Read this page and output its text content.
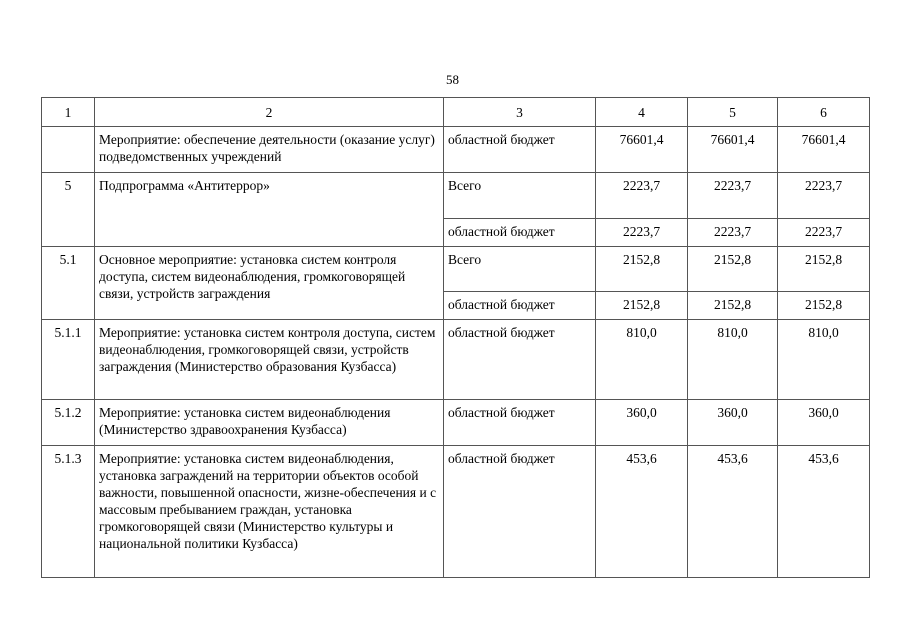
58
1	2	3	4	5	6
	Мероприятие: обеспечение деятельности (оказание услуг) подведомственных учреждений	областной бюджет	76601,4	76601,4	76601,4
5	Подпрограмма «Антитеррор»	Всего	2223,7	2223,7	2223,7
		областной бюджет	2223,7	2223,7	2223,7
5.1	Основное мероприятие: установка систем контроля доступа, систем видеонаблюдения, громкоговорящей связи, устройств заграждения	Всего	2152,8	2152,8	2152,8
		областной бюджет	2152,8	2152,8	2152,8
5.1.1	Мероприятие: установка систем контроля доступа, систем видеонаблюдения, громкоговорящей связи, устройств заграждения (Министерство образования Кузбасса)	областной бюджет	810,0	810,0	810,0
5.1.2	Мероприятие: установка систем видеонаблюдения (Министерство здравоохранения Кузбасса)	областной бюджет	360,0	360,0	360,0
5.1.3	Мероприятие: установка систем видеонаблюдения, установка заграждений на территории объектов особой важности, повышенной опасности, жизне-обеспечения и с массовым пребыванием граждан, установка громкоговорящей связи (Министерство культуры и национальной политики Кузбасса)	областной бюджет	453,6	453,6	453,6
